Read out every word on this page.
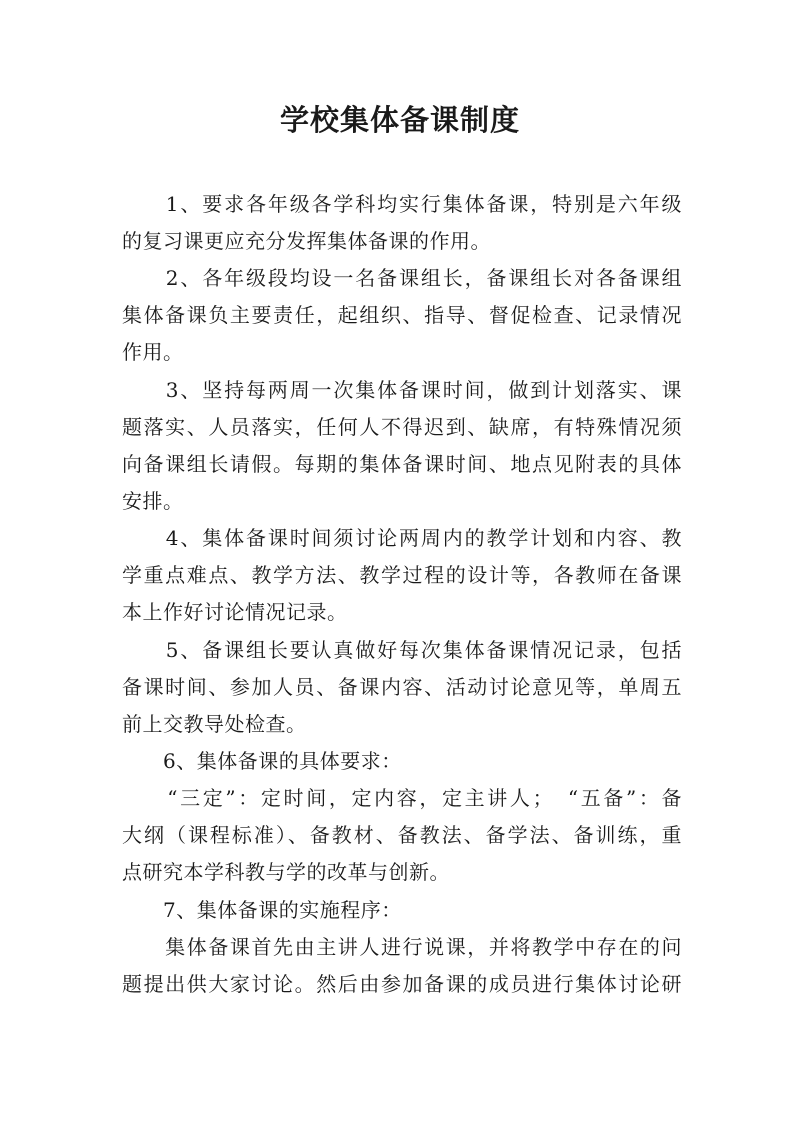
学校集体备课制度
　　1、要求各年级各学科均实行集体备课，特别是六年级
的复习课更应充分发挥集体备课的作用。
　　2、各年级段均设一名备课组长，备课组长对各备课组
集体备课负主要责任，起组织、指导、督促检查、记录情况
作用。
　　3、坚持每两周一次集体备课时间，做到计划落实、课
题落实、人员落实，任何人不得迟到、缺席，有特殊情况须
向备课组长请假。每期的集体备课时间、地点见附表的具体
安排。
　　4、集体备课时间须讨论两周内的教学计划和内容、教
学重点难点、教学方法、教学过程的设计等，各教师在备课
本上作好讨论情况记录。
　　5、备课组长要认真做好每次集体备课情况记录，包括
备课时间、参加人员、备课内容、活动讨论意见等，单周五
前上交教导处检查。
　　6、集体备课的具体要求：
　　“三定”：定时间，定内容，定主讲人；　“五备”：备
大纲（课程标准）、备教材、备教法、备学法、备训练，重
点研究本学科教与学的改革与创新。
　　7、集体备课的实施程序：
　　集体备课首先由主讲人进行说课，并将教学中存在的问
题提出供大家讨论。然后由参加备课的成员进行集体讨论研
